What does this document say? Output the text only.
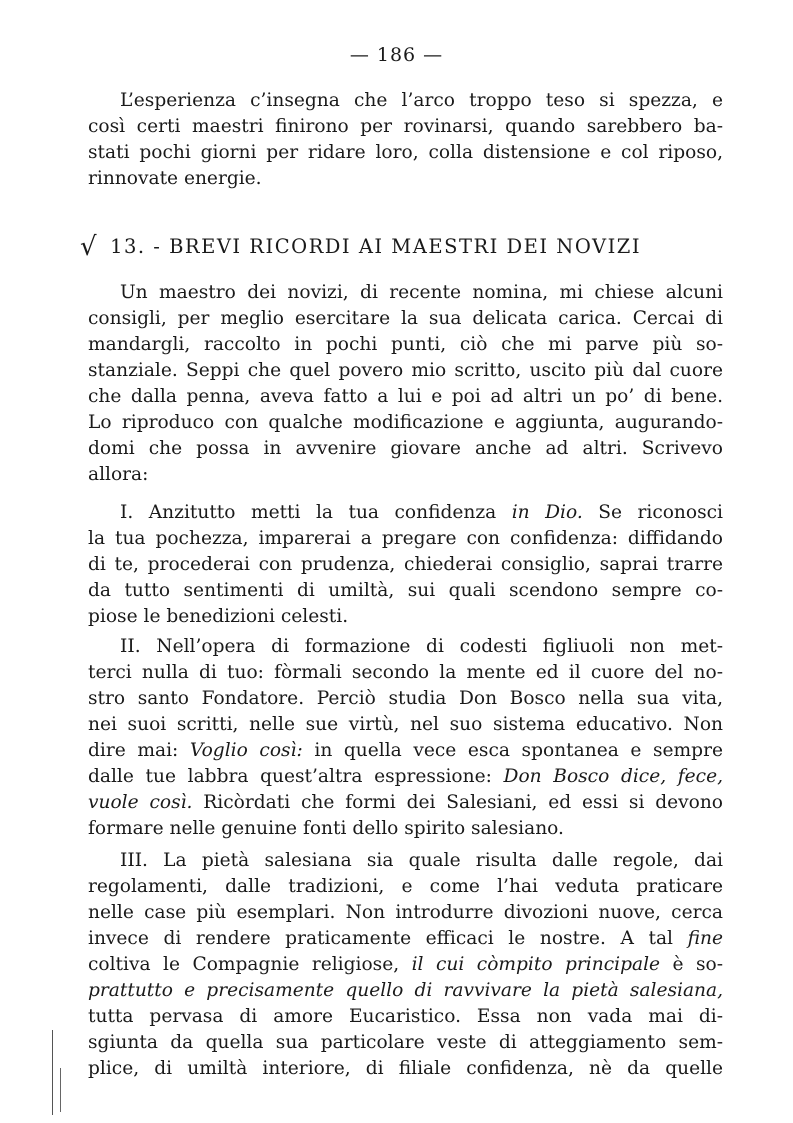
— 186 —
L’esperienza c’insegna che l’arco troppo teso si spezza, e
così certi maestri finirono per rovinarsi, quando sarebbero ba-
stati pochi giorni per ridare loro, colla distensione e col riposo,
rinnovate energie.
√ 13. - BREVI RICORDI AI MAESTRI DEI NOVIZI
Un maestro dei novizi, di recente nomina, mi chiese alcuni
consigli, per meglio esercitare la sua delicata carica. Cercai di
mandargli, raccolto in pochi punti, ciò che mi parve più so-
stanziale. Seppi che quel povero mio scritto, uscito più dal cuore
che dalla penna, aveva fatto a lui e poi ad altri un po’ di bene.
Lo riproduco con qualche modificazione e aggiunta, augurando-
domi che possa in avvenire giovare anche ad altri. Scrivevo
allora:
I. Anzitutto metti la tua confidenza in Dio. Se riconosci
la tua pochezza, imparerai a pregare con confidenza: diffidando
di te, procederai con prudenza, chiederai consiglio, saprai trarre
da tutto sentimenti di umiltà, sui quali scendono sempre co-
piose le benedizioni celesti.
II. Nell’opera di formazione di codesti figliuoli non met-
terci nulla di tuo: fòrmali secondo la mente ed il cuore del no-
stro santo Fondatore. Perciò studia Don Bosco nella sua vita,
nei suoi scritti, nelle sue virtù, nel suo sistema educativo. Non
dire mai: Voglio così: in quella vece esca spontanea e sempre
dalle tue labbra quest’altra espressione: Don Bosco dice, fece,
vuole così. Ricòrdati che formi dei Salesiani, ed essi si devono
formare nelle genuine fonti dello spirito salesiano.
III. La pietà salesiana sia quale risulta dalle regole, dai
regolamenti, dalle tradizioni, e come l’hai veduta praticare
nelle case più esemplari. Non introdurre divozioni nuove, cerca
invece di rendere praticamente efficaci le nostre. A tal fine
coltiva le Compagnie religiose, il cui còmpito principale è so-
prattutto e precisamente quello di ravvivare la pietà salesiana,
tutta pervasa di amore Eucaristico. Essa non vada mai di-
sgiunta da quella sua particolare veste di atteggiamento sem-
plice, di umiltà interiore, di filiale confidenza, nè da quelle
